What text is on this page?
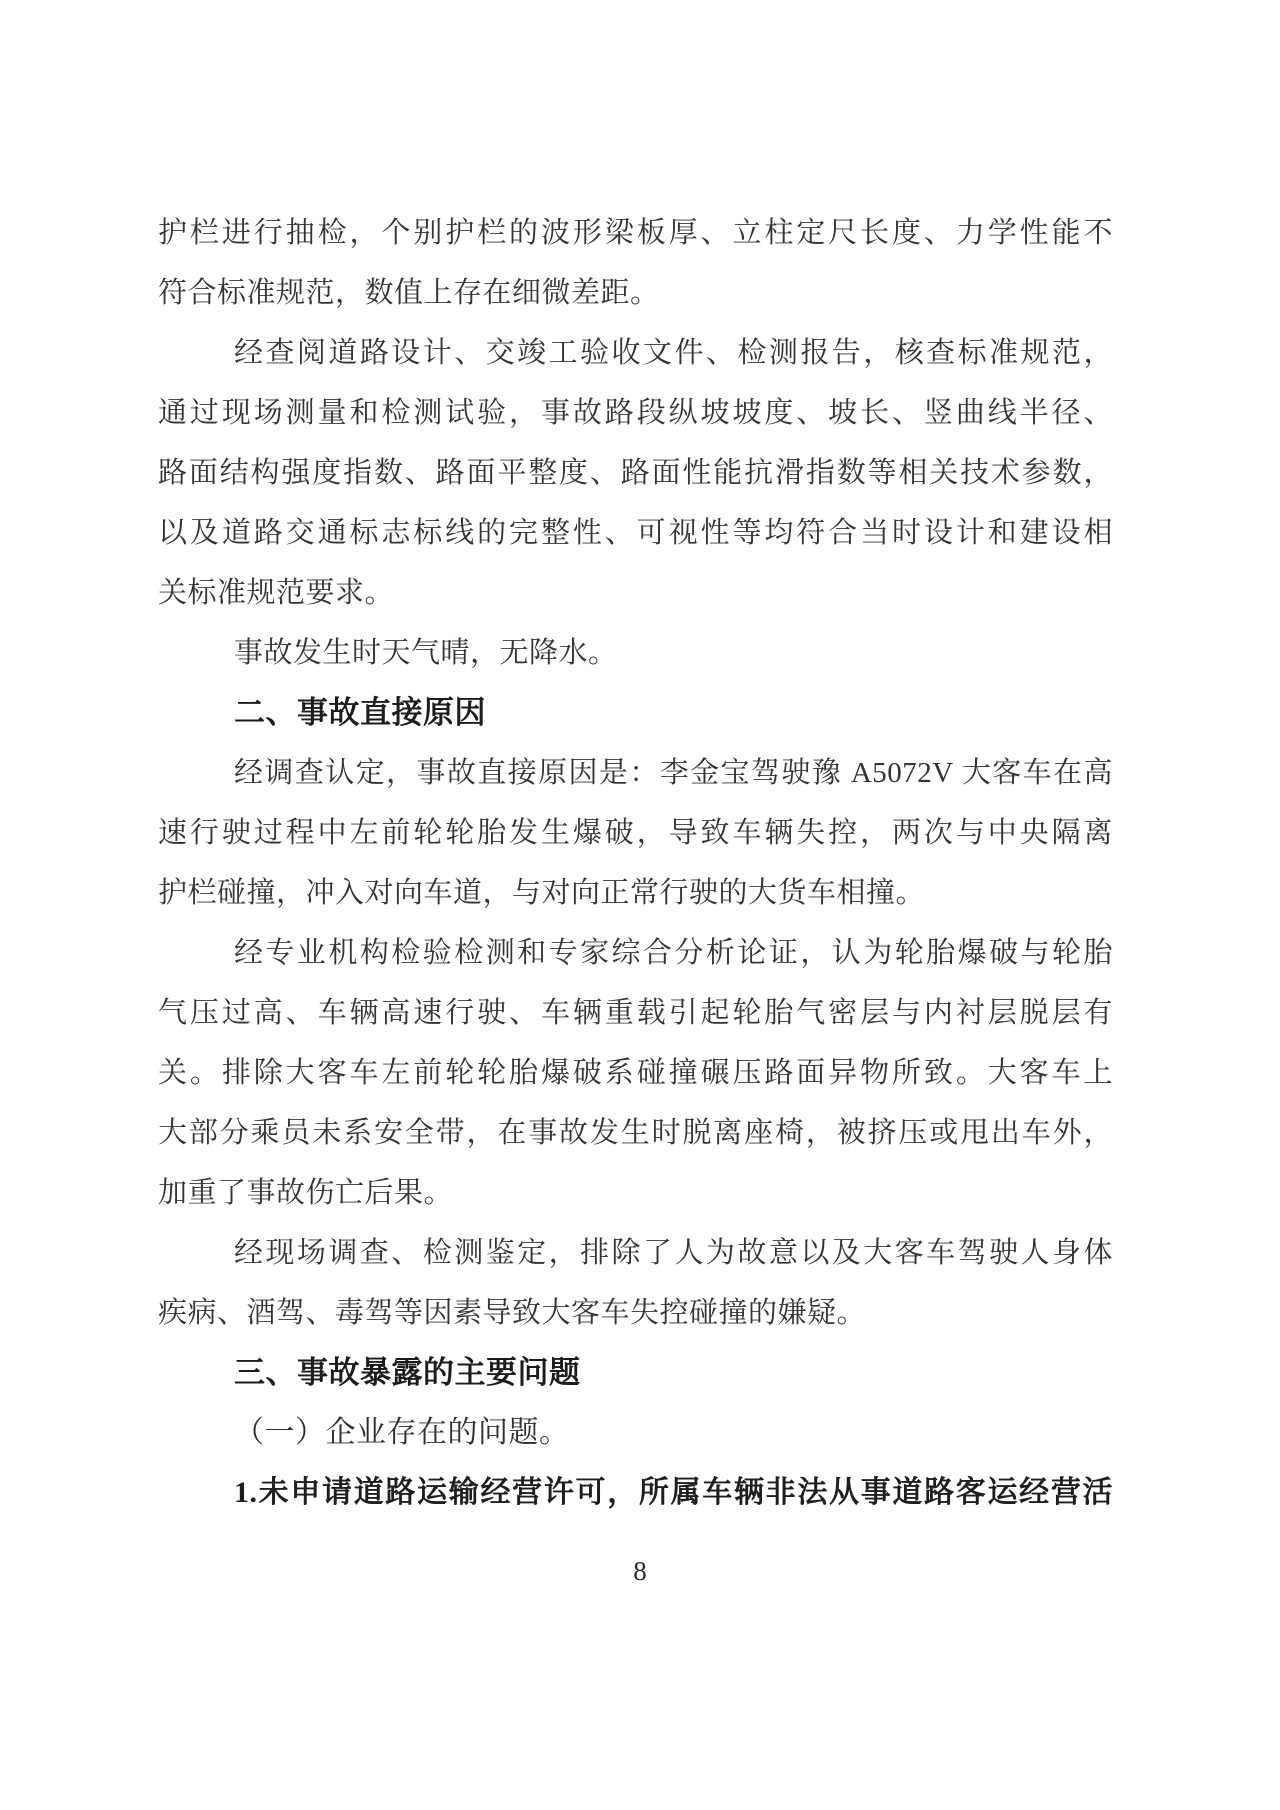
护栏进行抽检，个别护栏的波形梁板厚、立柱定尺长度、力学性能不
符合标准规范，数值上存在细微差距。
经查阅道路设计、交竣工验收文件、检测报告，核查标准规范，
通过现场测量和检测试验，事故路段纵坡坡度、坡长、竖曲线半径、
路面结构强度指数、路面平整度、路面性能抗滑指数等相关技术参数，
以及道路交通标志标线的完整性、可视性等均符合当时设计和建设相
关标准规范要求。
事故发生时天气晴，无降水。
二、事故直接原因
经调查认定，事故直接原因是：李金宝驾驶豫 A5072V 大客车在高
速行驶过程中左前轮轮胎发生爆破，导致车辆失控，两次与中央隔离
护栏碰撞，冲入对向车道，与对向正常行驶的大货车相撞。
经专业机构检验检测和专家综合分析论证，认为轮胎爆破与轮胎
气压过高、车辆高速行驶、车辆重载引起轮胎气密层与内衬层脱层有
关。排除大客车左前轮轮胎爆破系碰撞碾压路面异物所致。大客车上
大部分乘员未系安全带，在事故发生时脱离座椅，被挤压或甩出车外，
加重了事故伤亡后果。
经现场调查、检测鉴定，排除了人为故意以及大客车驾驶人身体
疾病、酒驾、毒驾等因素导致大客车失控碰撞的嫌疑。
三、事故暴露的主要问题
（一）企业存在的问题。
1.未申请道路运输经营许可，所属车辆非法从事道路客运经营活
8
